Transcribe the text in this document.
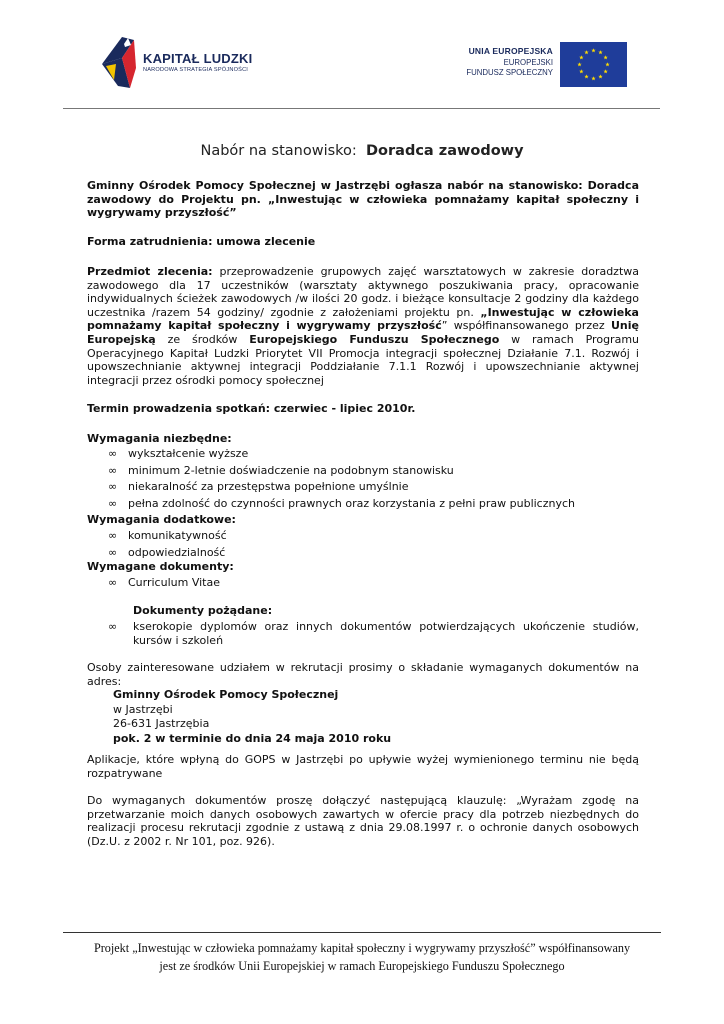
KAPITAŁ LUDZKI
NARODOWA STRATEGIA SPÓJNOŚCI
UNIA EUROPEJSKA
EUROPEJSKI
FUNDUSZ SPOŁECZNY
Nabór na stanowisko: Doradca zawodowy
Gminny Ośrodek Pomocy Społecznej w Jastrzębi ogłasza nabór na stanowisko: Doradca zawodowy do Projektu pn. „Inwestując w człowieka pomnażamy kapitał społeczny i wygrywamy przyszłość”
Forma zatrudnienia: umowa zlecenie
Przedmiot zlecenia: przeprowadzenie grupowych zajęć warsztatowych w zakresie doradztwa zawodowego dla 17 uczestników (warsztaty aktywnego poszukiwania pracy, opracowanie indywidualnych ścieżek zawodowych /w ilości 20 godz. i bieżące konsultacje 2 godziny dla każdego uczestnika /razem 54 godziny/ zgodnie z założeniami projektu pn. „Inwestując w człowieka pomnażamy kapitał społeczny i wygrywamy przyszłość” współfinansowanego przez Unię Europejską ze środków Europejskiego Funduszu Społecznego w ramach Programu Operacyjnego Kapitał Ludzki Priorytet VII Promocja integracji społecznej Działanie 7.1. Rozwój i upowszechnianie aktywnej integracji Poddziałanie 7.1.1 Rozwój i upowszechnianie aktywnej integracji przez ośrodki pomocy społecznej
Termin prowadzenia spotkań: czerwiec - lipiec 2010r.
Wymagania niezbędne:
∞ wykształcenie wyższe
∞ minimum 2-letnie doświadczenie na podobnym stanowisku
∞ niekaralność za przestępstwa popełnione umyślnie
∞ pełna zdolność do czynności prawnych oraz korzystania z pełni praw publicznych
Wymagania dodatkowe:
∞ komunikatywność
∞ odpowiedzialność
Wymagane dokumenty:
∞ Curriculum Vitae
Dokumenty pożądane:
∞	kserokopie dyplomów oraz innych dokumentów potwierdzających ukończenie studiów, kursów i szkoleń
Osoby zainteresowane udziałem w rekrutacji prosimy o składanie wymaganych dokumentów na adres:
Gminny Ośrodek Pomocy Społecznej
w Jastrzębi
26-631 Jastrzębia
pok. 2 w terminie do dnia 24 maja 2010 roku
Aplikacje, które wpłyną do GOPS w Jastrzębi po upływie wyżej wymienionego terminu nie będą rozpatrywane
Do wymaganych dokumentów proszę dołączyć następującą klauzulę: „Wyrażam zgodę na przetwarzanie moich danych osobowych zawartych w ofercie pracy dla potrzeb niezbędnych do realizacji procesu rekrutacji zgodnie z ustawą z dnia 29.08.1997 r. o ochronie danych osobowych (Dz.U. z 2002 r. Nr 101, poz. 926).
Projekt „Inwestując w człowieka pomnażamy kapitał społeczny i wygrywamy przyszłość” współfinansowany
jest ze środków Unii Europejskiej w ramach Europejskiego Funduszu Społecznego
